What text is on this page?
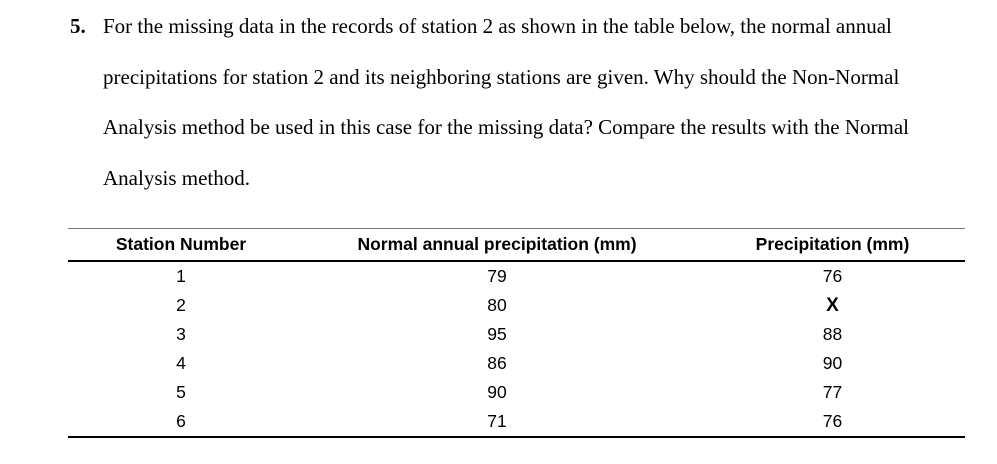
5. For the missing data in the records of station 2 as shown in the table below, the normal annual
precipitations for station 2 and its neighboring stations are given. Why should the Non-Normal
Analysis method be used in this case for the missing data? Compare the results with the Normal
Analysis method.
Station Number	Normal annual precipitation (mm)	Precipitation (mm)
1	79	76
2	80	X
3	95	88
4	86	90
5	90	77
6	71	76
